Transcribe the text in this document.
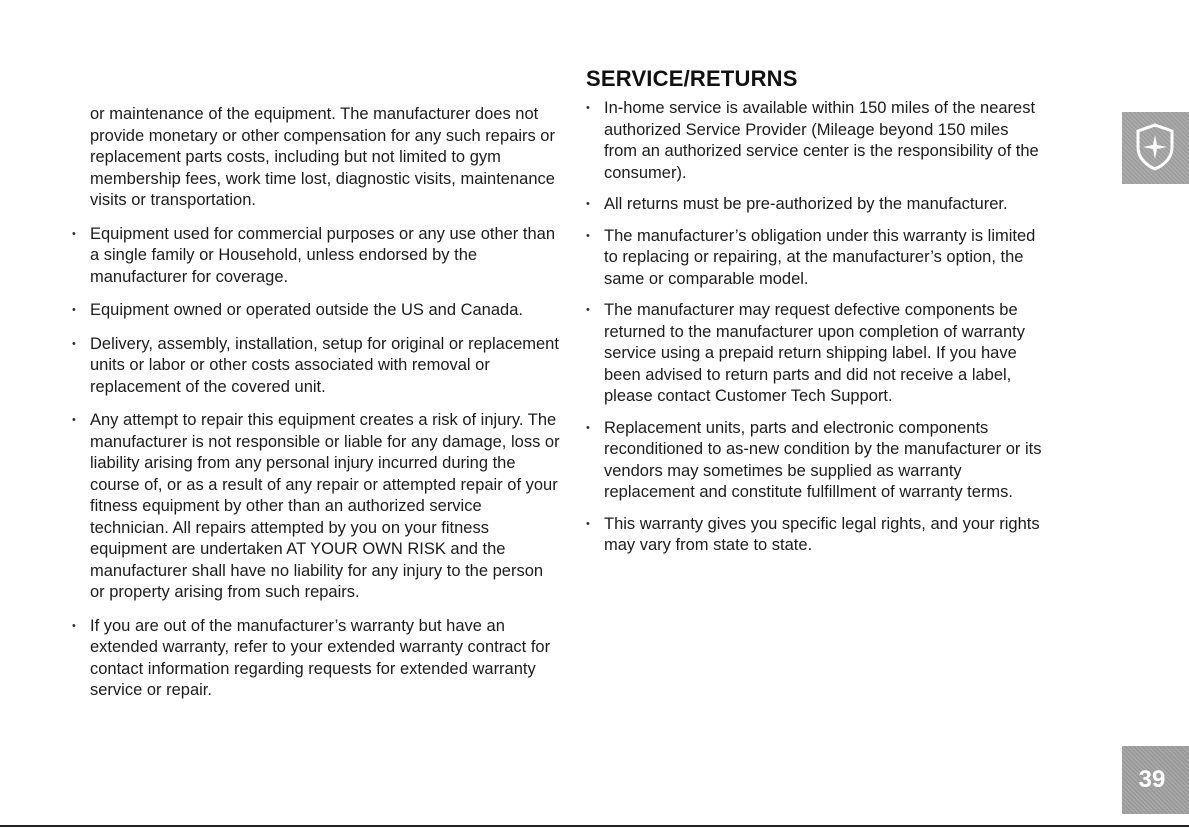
or maintenance of the equipment. The manufacturer does not provide monetary or other compensation for any such repairs or replacement parts costs, including but not limited to gym membership fees, work time lost, diagnostic visits, maintenance visits or transportation.

• Equipment used for commercial purposes or any use other than a single family or Household, unless endorsed by the manufacturer for coverage.
• Equipment owned or operated outside the US and Canada.
• Delivery, assembly, installation, setup for original or replacement units or labor or other costs associated with removal or replacement of the covered unit.
• Any attempt to repair this equipment creates a risk of injury. The manufacturer is not responsible or liable for any damage, loss or liability arising from any personal injury incurred during the course of, or as a result of any repair or attempted repair of your fitness equipment by other than an authorized service technician. All repairs attempted by you on your fitness equipment are undertaken AT YOUR OWN RISK and the manufacturer shall have no liability for any injury to the person or property arising from such repairs.
• If you are out of the manufacturer’s warranty but have an extended warranty, refer to your extended warranty contract for contact information regarding requests for extended warranty service or repair.
SERVICE/RETURNS
• In-home service is available within 150 miles of the nearest authorized Service Provider (Mileage beyond 150 miles from an authorized service center is the responsibility of the consumer).
• All returns must be pre-authorized by the manufacturer.
• The manufacturer’s obligation under this warranty is limited to replacing or repairing, at the manufacturer’s option, the same or comparable model.
• The manufacturer may request defective components be returned to the manufacturer upon completion of warranty service using a prepaid return shipping label. If you have been advised to return parts and did not receive a label, please contact Customer Tech Support.
• Replacement units, parts and electronic components reconditioned to as-new condition by the manufacturer or its vendors may sometimes be supplied as warranty replacement and constitute fulfillment of warranty terms.
• This warranty gives you specific legal rights, and your rights may vary from state to state.
39
